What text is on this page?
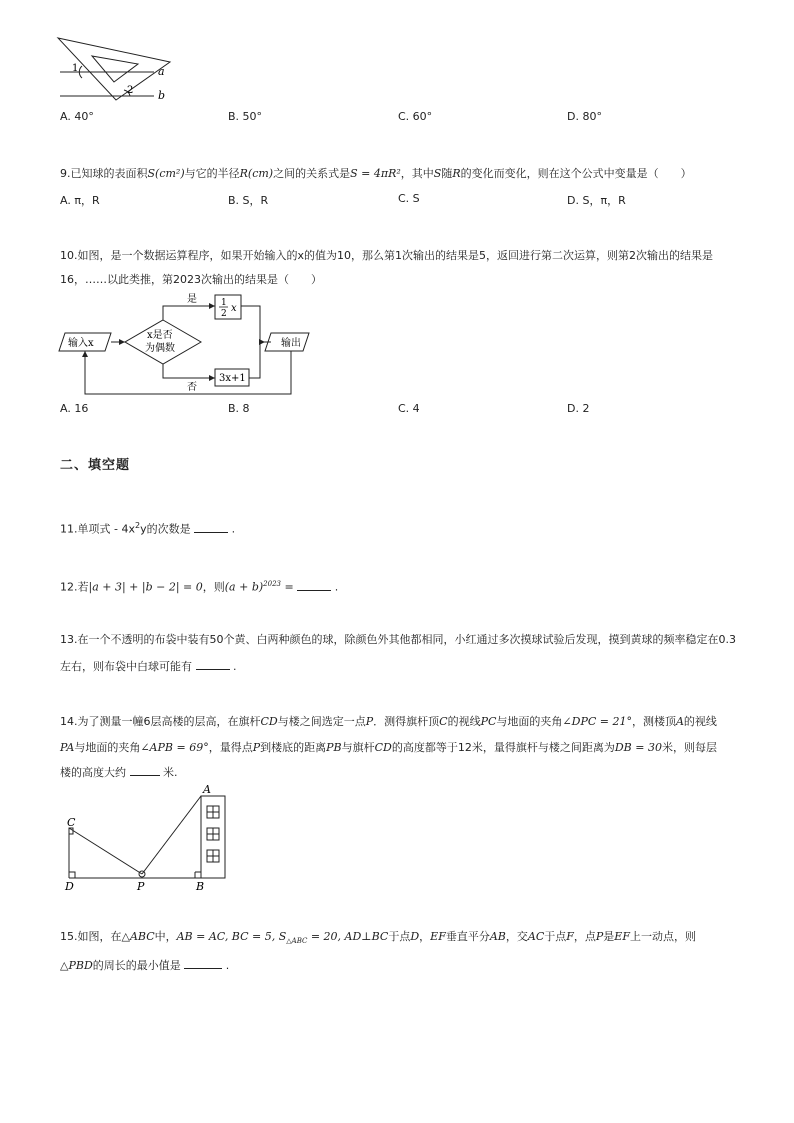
1
2
a
b
A. 40°	B. 50°	C. 60°	D. 80°
9.已知球的表面积S(cm²)与它的半径R(cm)之间的关系式是S = 4πR²，其中S随R的变化而变化，则在这个公式中变量是（　　）
A. π，R	B. S，R	C. S	D. S，π，R
10.如图，是一个数据运算程序，如果开始输入的x的值为10，那么第1次输出的结果是5，返回进行第二次运算，则第2次输出的结果是
16，……以此类推，第2023次输出的结果是（　　）
输入x
x是否
为偶数
是
否
1
2 x
3x+1
输出
A. 16	B. 8	C. 4	D. 2
二、填空题
11.单项式 - $4x^2y$的次数是	.
12.若|a + 3| + |b − 2| = 0，则$(a + b)^{2023}$ =	.
13.在一个不透明的布袋中装有50个黄、白两种颜色的球，除颜色外其他都相同，小红通过多次摸球试验后发现，摸到黄球的频率稳定在0.3
左右，则布袋中白球可能有	.
14.为了测量一幢6层高楼的层高，在旗杆CD与楼之间选定一点P．测得旗杆顶C的视线PC与地面的夹角∠DPC = 21°，测楼顶A的视线
PA与地面的夹角∠APB = 69°，量得点P到楼底的距离PB与旗杆CD的高度都等于12米，量得旗杆与楼之间距离为DB = 30米，则每层
楼的高度大约	米.
A
C
D	P	B
15.如图，在△ABC中，AB = AC, BC = 5, $S_{\triangle ABC} = 20$, AD⊥BC于点D，EF垂直平分AB，交AC于点F，点P是EF上一动点，则
△PBD的周长的最小值是	.
